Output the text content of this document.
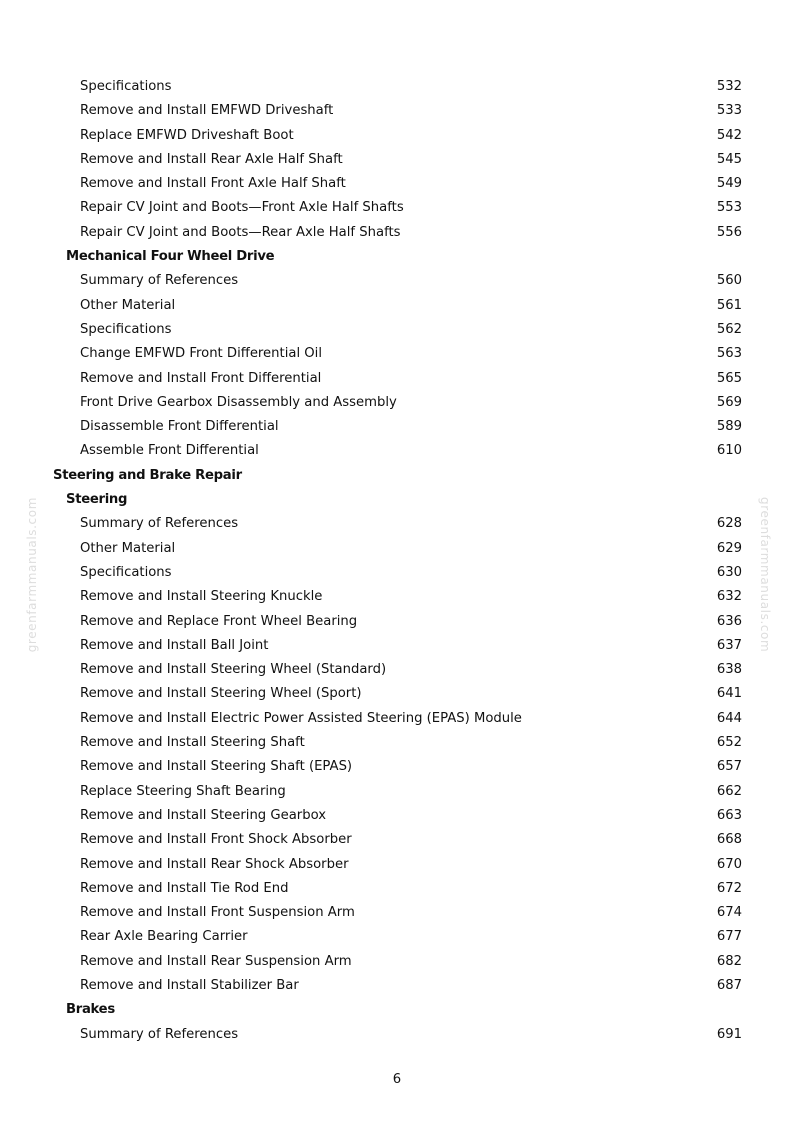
Specifications	532
Remove and Install EMFWD Driveshaft	533
Replace EMFWD Driveshaft Boot	542
Remove and Install Rear Axle Half Shaft	545
Remove and Install Front Axle Half Shaft	549
Repair CV Joint and Boots—Front Axle Half Shafts	553
Repair CV Joint and Boots—Rear Axle Half Shafts	556
Mechanical Four Wheel Drive
Summary of References	560
Other Material	561
Specifications	562
Change EMFWD Front Differential Oil	563
Remove and Install Front Differential	565
Front Drive Gearbox Disassembly and Assembly	569
Disassemble Front Differential	589
Assemble Front Differential	610
Steering and Brake Repair
Steering
Summary of References	628
Other Material	629
Specifications	630
Remove and Install Steering Knuckle	632
Remove and Replace Front Wheel Bearing	636
Remove and Install Ball Joint	637
Remove and Install Steering Wheel (Standard)	638
Remove and Install Steering Wheel (Sport)	641
Remove and Install Electric Power Assisted Steering (EPAS) Module	644
Remove and Install Steering Shaft	652
Remove and Install Steering Shaft (EPAS)	657
Replace Steering Shaft Bearing	662
Remove and Install Steering Gearbox	663
Remove and Install Front Shock Absorber	668
Remove and Install Rear Shock Absorber	670
Remove and Install Tie Rod End	672
Remove and Install Front Suspension Arm	674
Rear Axle Bearing Carrier	677
Remove and Install Rear Suspension Arm	682
Remove and Install Stabilizer Bar	687
Brakes
Summary of References	691
greenfarmmanuals.com	greenfarmmanuals.com
6
